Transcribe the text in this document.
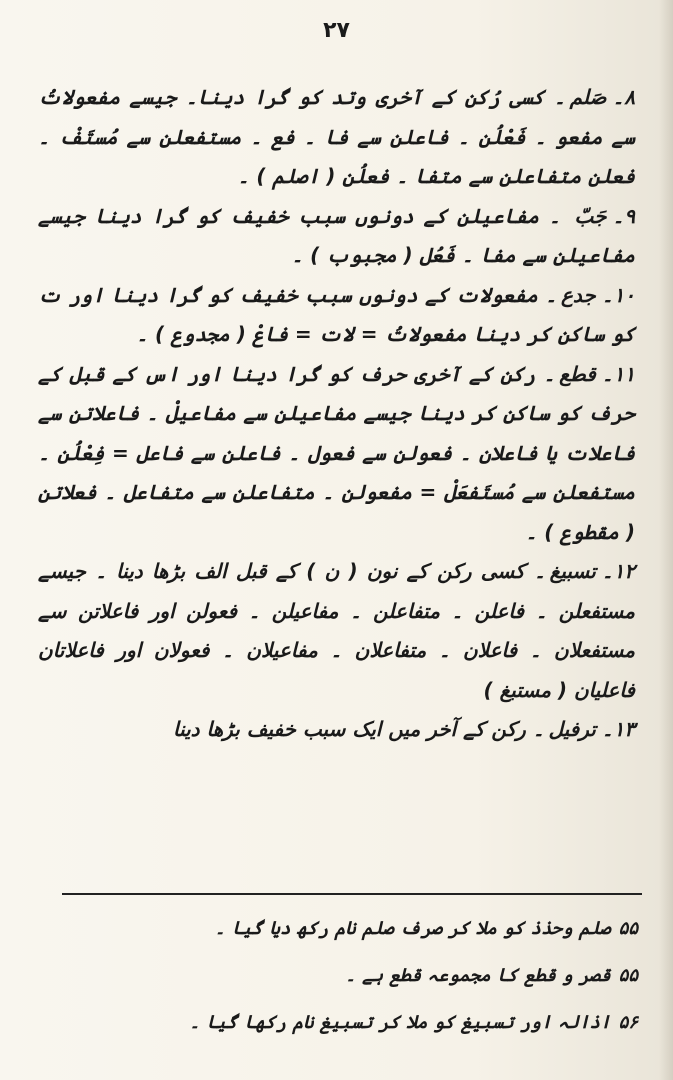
۲۷

۸۔صَلم۔ کسی رُکن کے آخری وتد کو گرا دینا۔ جیسے مفعولاتُ سے مفعو ۔ فَعْلُن ۔ فاعلن سے فا ۔ فع ۔ مستفعلن سے مُستَفْ ۔ فعلن متفاعلن سے متفا ۔ فعلُن ( اصلم ) ۔

۹۔جَبّ ۔ مفاعیلن کے دونوں سبب خفیف کو گرا دینا جیسے مفاعیلن سے مفا ۔ فَعُل ( مجبوب ) ۔

۱۰۔جدع۔ مفعولات کے دونوں سبب خفیف کو گرا دینا اور ت کو ساکن کر دینا مفعولاتُ = لات = فاعْ ( مجدوع ) ۔

۱۱۔قطع۔ رکن کے آخری حرف کو گرا دینا اور اس کے قبل کے حرف کو ساکن کر دینا جیسے مفاعیلن سے مفاعیلْ ۔ فاعلاتن سے فاعلات یا فاعلان ۔ فعولن سے فعول ۔ فاعلن سے فاعل = فِعْلُن ۔ مستفعلن سے مُستَفعَلْ = مفعولن ۔ متفاعلن سے متفاعل ۔ فعلاتن ( مقطوع ) ۔

۱۲۔تسبیغ۔ کسی رکن کے نون ( ن ) کے قبل الف بڑھا دینا ۔ جیسے مستفعلن ۔ فاعلن ۔ متفاعلن ۔ مفاعیلن ۔ فعولن اور فاعلاتن سے مستفعلان ۔ فاعلان ۔ متفاعلان ۔ مفاعیلان ۔ فعولان اور فاعلاتان فاعلیان ( مستبغ )

۱۳۔ترفیل۔ رکن کے آخر میں ایک سبب خفیف بڑھا دینا

۵۵صلم وحذذ کو ملا کر صرف صلم نام رکھ دیا گیا ۔
۵۵قصر و قطع کا مجموعہ قطع ہے ۔
۵۶اذالہ اور تسبیغ کو ملا کر تسبیغ نام رکھا گیا ۔
